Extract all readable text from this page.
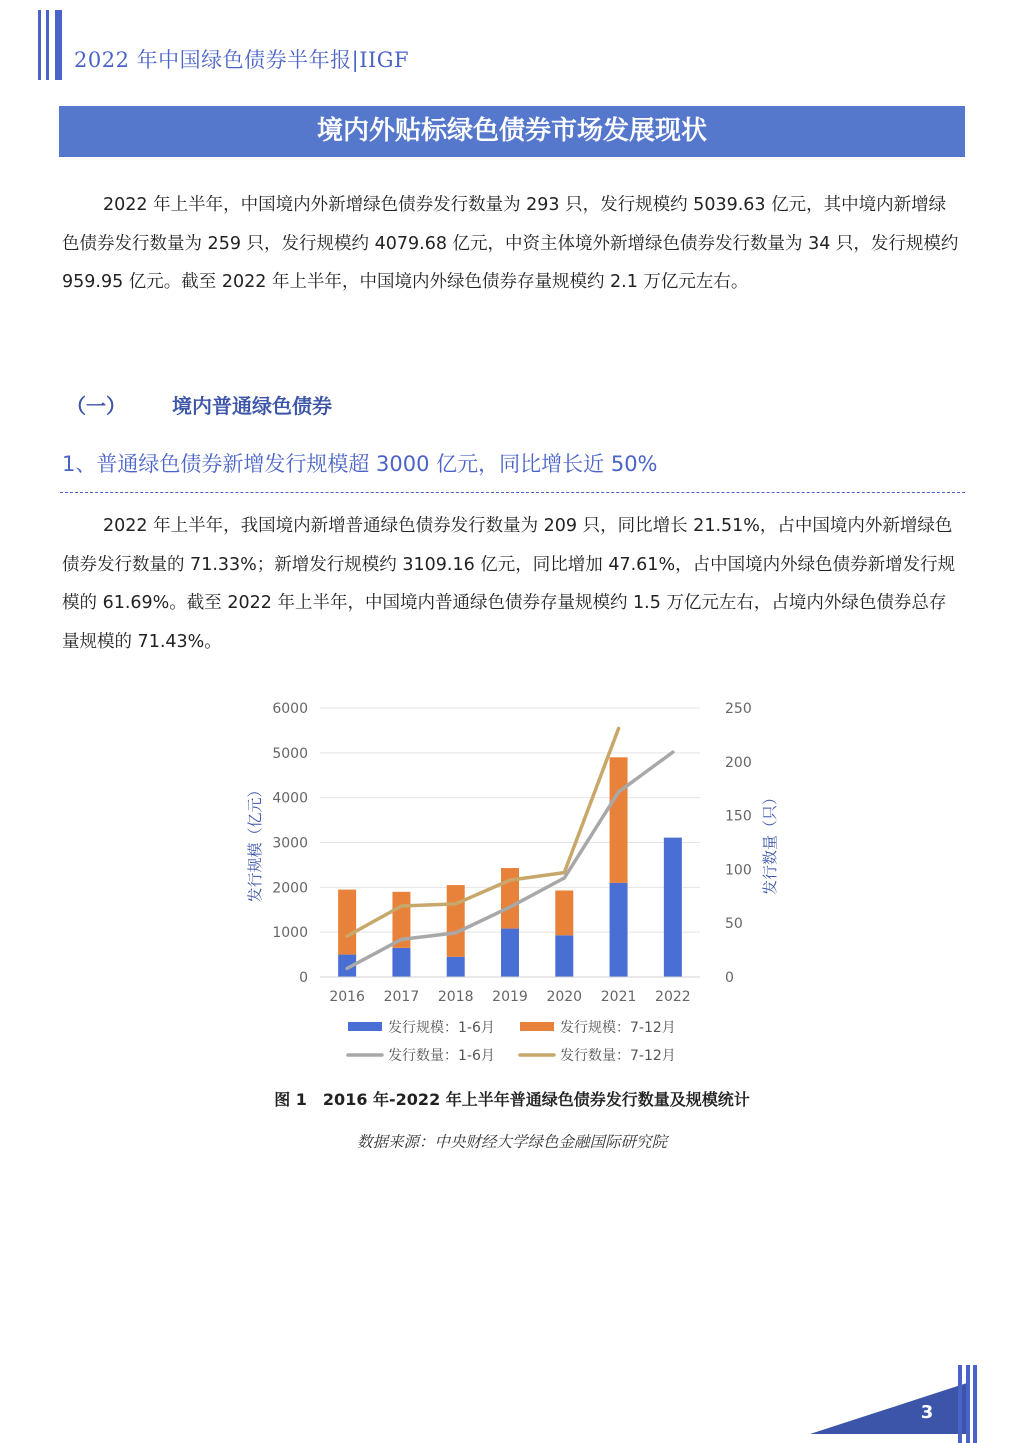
2022 年中国绿色债券半年报|IIGF
境内外贴标绿色债券市场发展现状
2022 年上半年，中国境内外新增绿色债券发行数量为 293 只，发行规模约 5039.63 亿元，其中境内新增绿色债券发行数量为 259 只，发行规模约 4079.68 亿元，中资主体境外新增绿色债券发行数量为 34 只，发行规模约 959.95 亿元。截至 2022 年上半年，中国境内外绿色债券存量规模约 2.1 万亿元左右。
（一） 境内普通绿色债券
1、普通绿色债券新增发行规模超 3000 亿元，同比增长近 50%
2022 年上半年，我国境内新增普通绿色债券发行数量为 209 只，同比增长 21.51%，占中国境内外新增绿色债券发行数量的 71.33%；新增发行规模约 3109.16 亿元，同比增加 47.61%，占中国境内外绿色债券新增发行规模的 61.69%。截至 2022 年上半年，中国境内普通绿色债券存量规模约 1.5 万亿元左右，占境内外绿色债券总存量规模的 71.43%。
0
1000
2000
3000
4000
5000
6000
0
50
100
150
200
250
2016 2017 2018 2019 2020 2021 2022
发行规模（亿元）	发行数量（只）
发行规模：1-6月	发行规模：7-12月
发行数量：1-6月	发行数量：7-12月
图 1　2016 年-2022 年上半年普通绿色债券发行数量及规模统计
数据来源：中央财经大学绿色金融国际研究院
3
